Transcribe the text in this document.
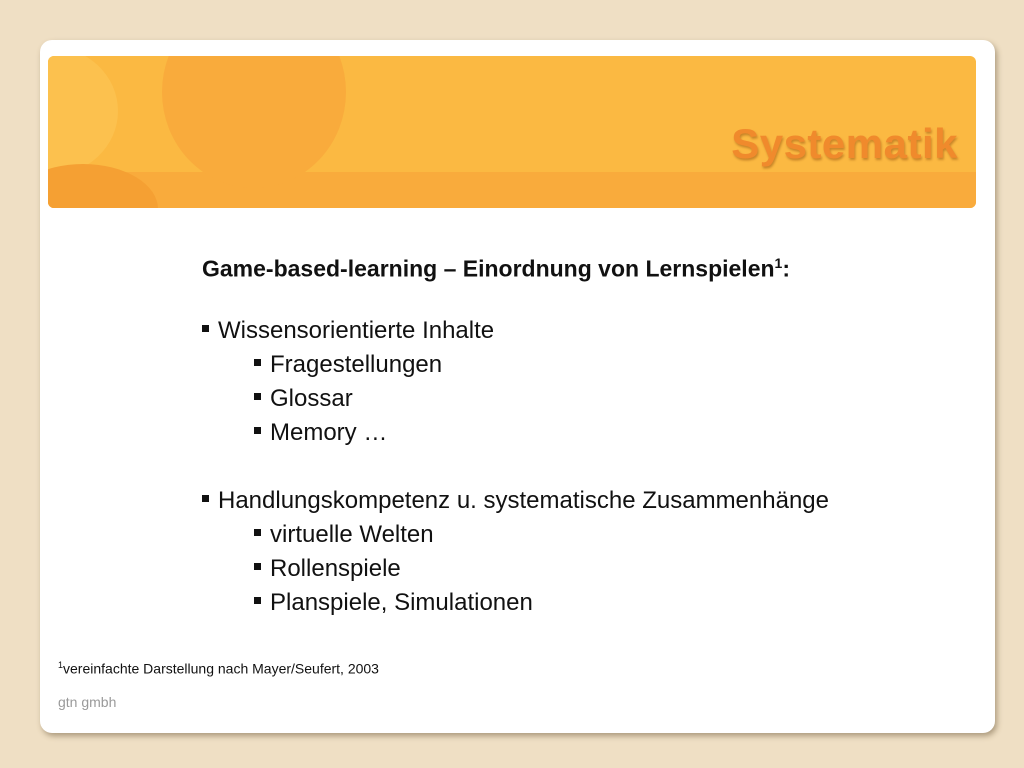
Systematik
Game-based-learning – Einordnung von Lernspielen$^1$:
Wissensorientierte Inhalte
Fragestellungen
Glossar
Memory …
Handlungskompetenz u. systematische Zusammenhänge
virtuelle Welten
Rollenspiele
Planspiele, Simulationen
$^1$vereinfachte Darstellung nach Mayer/Seufert, 2003
gtn gmbh
